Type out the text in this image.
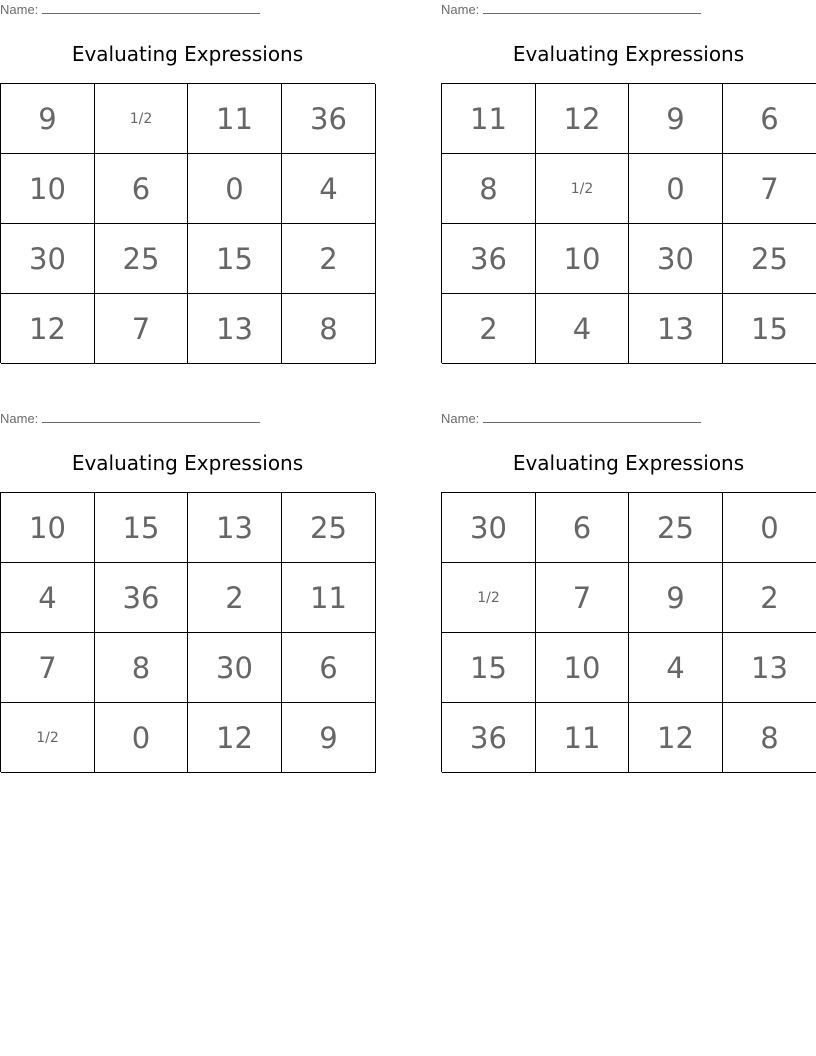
Name:
Evaluating Expressions
9	1/2	11	36
10	6	0	4
30	25	15	2
12	7	13	8
Name:
Evaluating Expressions
11	12	9	6
8	1/2	0	7
36	10	30	25
2	4	13	15
Name:
Evaluating Expressions
10	15	13	25
4	36	2	11
7	8	30	6
1/2	0	12	9
Name:
Evaluating Expressions
30	6	25	0
1/2	7	9	2
15	10	4	13
36	11	12	8
